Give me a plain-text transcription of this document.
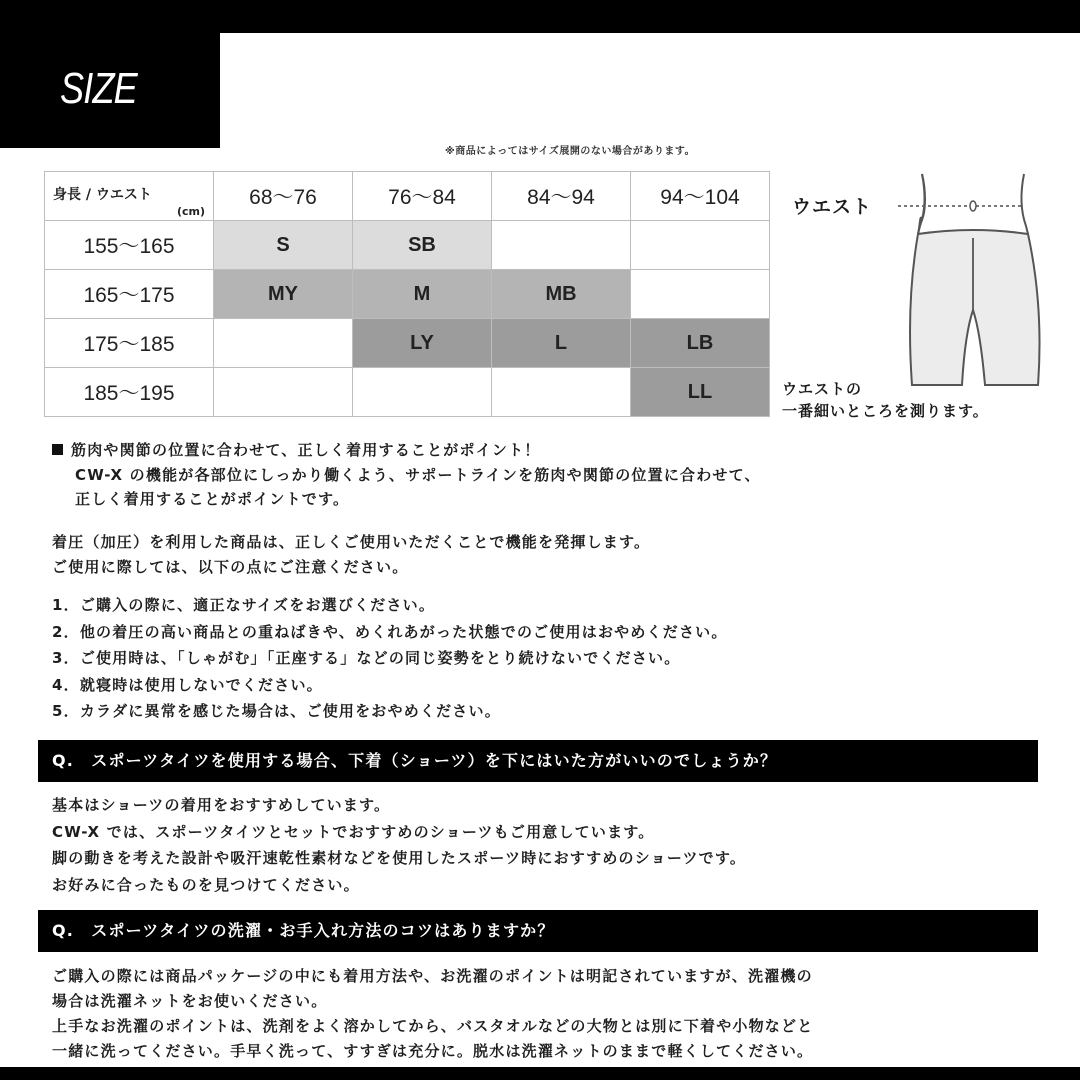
SIZE
※商品によってはサイズ展開のない場合があります。
身長 / ウエスト
(cm)	68〜76	76〜84	84〜94	94〜104
155〜165	S	SB		
165〜175	MY	M	MB	
175〜185		LY	L	LB
185〜195				LL
ウエスト
ウエストの
一番細いところを測ります。
筋肉や関節の位置に合わせて、正しく着用することがポイント！
CW-X の機能が各部位にしっかり働くよう、サポートラインを筋肉や関節の位置に合わせて、
正しく着用することがポイントです。
着圧（加圧）を利用した商品は、正しくご使用いただくことで機能を発揮します。
ご使用に際しては、以下の点にご注意ください。
1．ご購入の際に、適正なサイズをお選びください。
2．他の着圧の高い商品との重ねばきや、めくれあがった状態でのご使用はおやめください。
3．ご使用時は、「しゃがむ」「正座する」などの同じ姿勢をとり続けないでください。
4．就寝時は使用しないでください。
5．カラダに異常を感じた場合は、ご使用をおやめください。
Q.　スポーツタイツを使用する場合、下着（ショーツ）を下にはいた方がいいのでしょうか？
基本はショーツの着用をおすすめしています。
CW-X では、スポーツタイツとセットでおすすめのショーツもご用意しています。
脚の動きを考えた設計や吸汗速乾性素材などを使用したスポーツ時におすすめのショーツです。
お好みに合ったものを見つけてください。
Q.　スポーツタイツの洗濯・お手入れ方法のコツはありますか？
ご購入の際には商品パッケージの中にも着用方法や、お洗濯のポイントは明記されていますが、洗濯機の
場合は洗濯ネットをお使いください。
上手なお洗濯のポイントは、洗剤をよく溶かしてから、バスタオルなどの大物とは別に下着や小物などと
一緒に洗ってください。手早く洗って、すすぎは充分に。脱水は洗濯ネットのままで軽くしてください。
